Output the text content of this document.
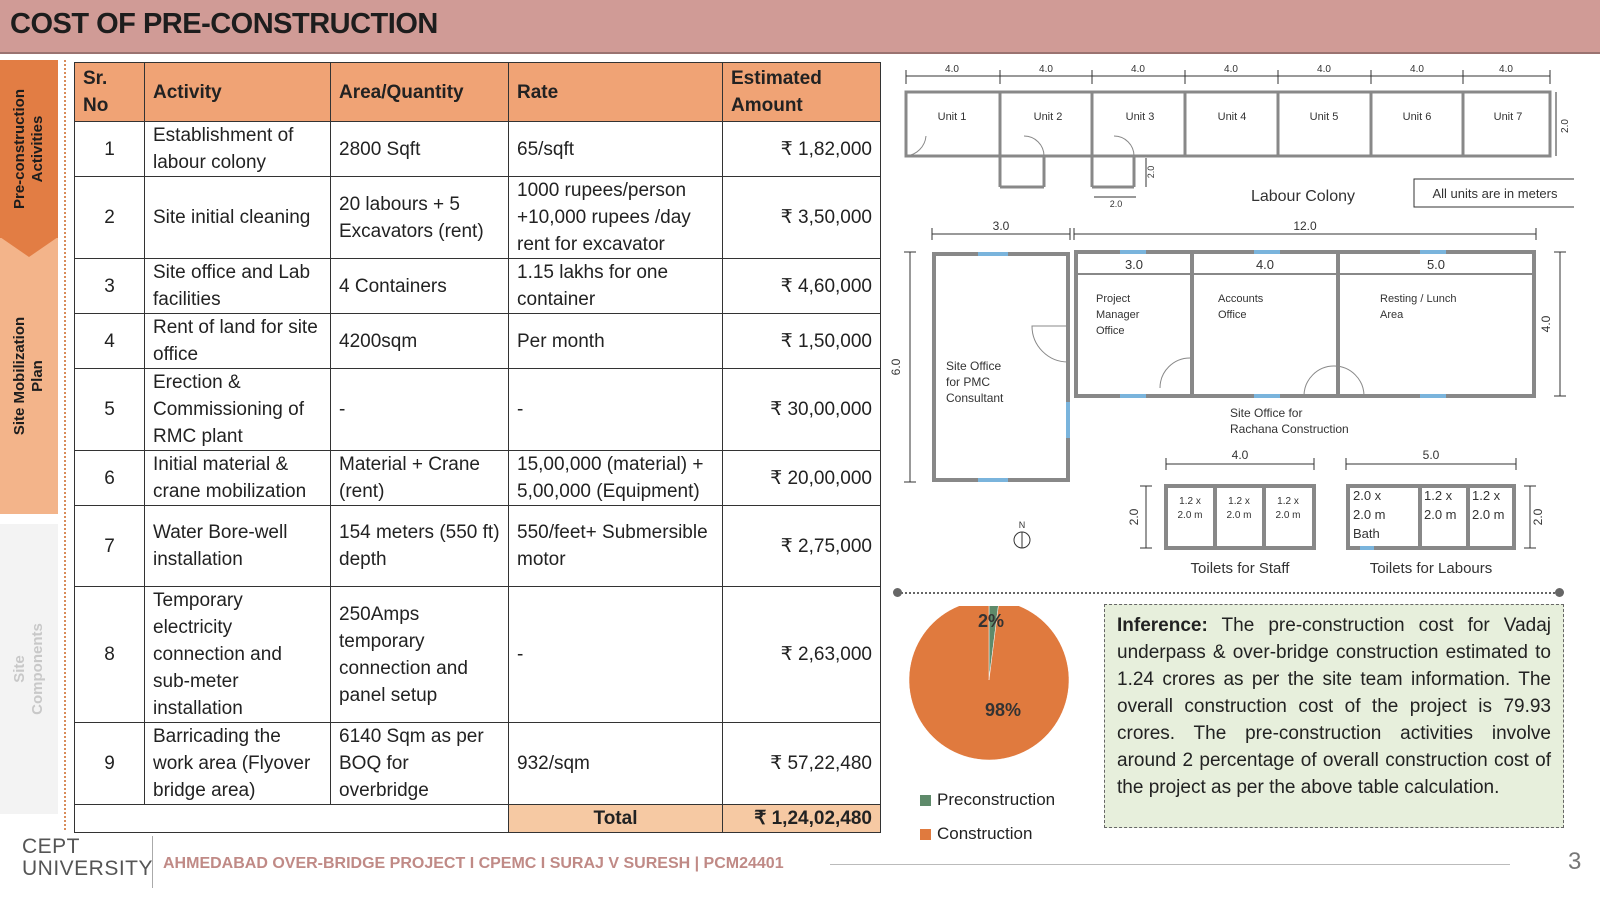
COST OF PRE-CONSTRUCTION
Pre-construction
Activities
Site Mobilization
Plan
Site
Components
Sr.
No	Activity	Area/Quantity	Rate	Estimated
Amount
1	Establishment of labour colony	2800 Sqft	65/sqft	₹ 1,82,000
2	Site initial cleaning	20 labours + 5 Excavators (rent)	1000 rupees/person +10,000 rupees /day rent for excavator	₹ 3,50,000
3	Site office and Lab facilities	4 Containers	1.15 lakhs for one container	₹ 4,60,000
4	Rent of land for site office	4200sqm	Per month	₹ 1,50,000
5	Erection & Commissioning of RMC plant	-	-	₹ 30,00,000
6	Initial material & crane mobilization	Material + Crane (rent)	15,00,000 (material) + 5,00,000 (Equipment)	₹ 20,00,000
7	Water Bore-well installation	154 meters (550 ft) depth	550/feet+ Submersible motor	₹ 2,75,000
8	Temporary electricity connection and sub-meter installation	250Amps temporary connection and panel setup	-	₹ 2,63,000
9	Barricading the work area (Flyover bridge area)	6140 Sqm as per BOQ for overbridge	932/sqm	₹ 57,22,480
			Total	₹ 1,24,02,480
4.0	4.0	4.0	4.0	4.0	4.0	4.0
Unit 1	Unit 2	Unit 3	Unit 4	Unit 5	Unit 6	Unit 7
2.0
2.0
2.0
Labour Colony	All units are in meters
3.0
6.0	Site Office
for PMC
Consultant
12.0
4.0
3.0	4.0	5.0
Project
Manager
Office
Accounts
Office
Resting / Lunch
Area
Site Office for
Rachana Construction
N
4.0
2.0
1.2 x
2.0 m
1.2 x
2.0 m
1.2 x
2.0 m
Toilets for Staff
5.0
2.0
2.0 x
2.0 m
Bath
1.2 x
2.0 m
1.2 x
2.0 m
Toilets for Labours
2%
98%
Preconstruction
Construction
Inference: The pre-construction cost for Vadaj underpass & over-bridge construction estimated to 1.24 crores as per the site team information. The overall construction cost of the project is 79.93 crores. The pre-construction activities involve around 2 percentage of overall construction cost of the project as per the above table calculation.
CEPT
UNIVERSITY AHMEDABAD OVER-BRIDGE PROJECT I CPEMC I SURAJ V SURESH | PCM24401	3
